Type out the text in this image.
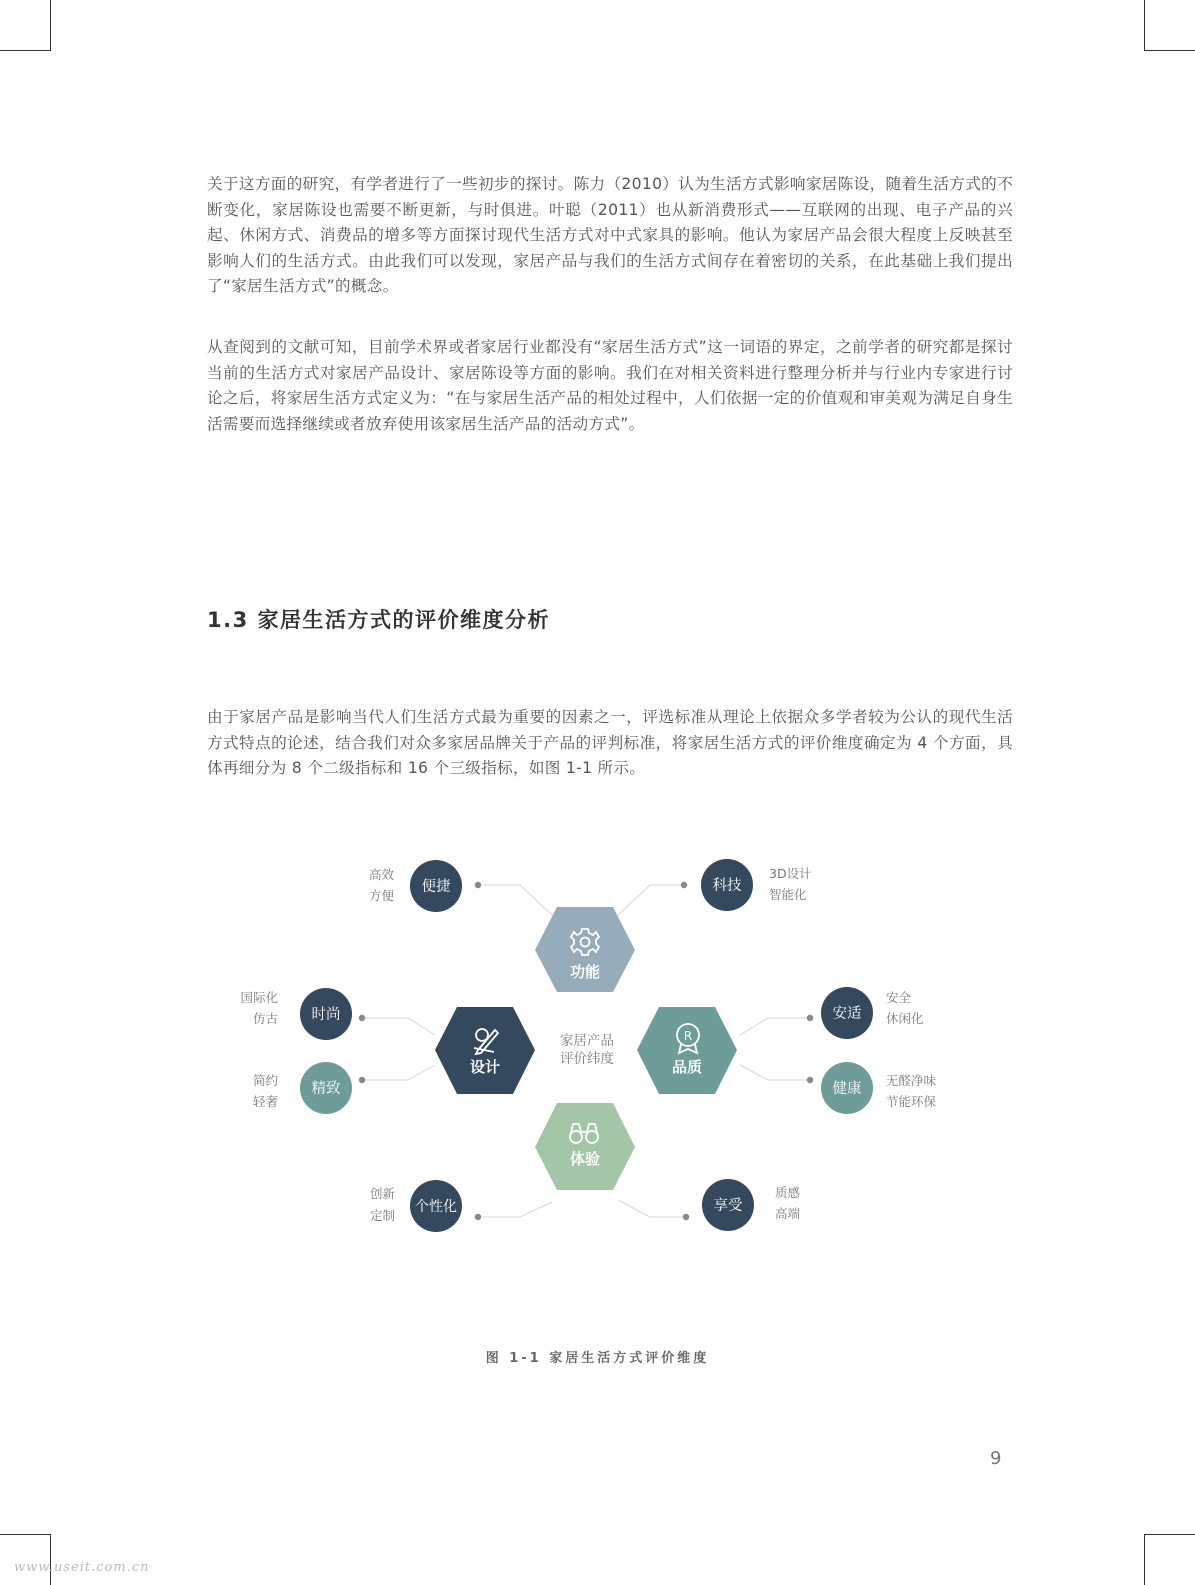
关于这方面的研究，有学者进行了一些初步的探讨。陈力（2010）认为生活方式影响家居陈设，随着生活方式的不断变化，家居陈设也需要不断更新，与时俱进。叶聪（2011）也从新消费形式——互联网的出现、电子产品的兴起、休闲方式、消费品的增多等方面探讨现代生活方式对中式家具的影响。他认为家居产品会很大程度上反映甚至影响人们的生活方式。由此我们可以发现，家居产品与我们的生活方式间存在着密切的关系，在此基础上我们提出了“家居生活方式”的概念。

从查阅到的文献可知，目前学术界或者家居行业都没有“家居生活方式”这一词语的界定，之前学者的研究都是探讨当前的生活方式对家居产品设计、家居陈设等方面的影响。我们在对相关资料进行整理分析并与行业内专家进行讨论之后，将家居生活方式定义为：“在与家居生活产品的相处过程中，人们依据一定的价值观和审美观为满足自身生活需要而选择继续或者放弃使用该家居生活产品的活动方式”。

1.3 家居生活方式的评价维度分析

由于家居产品是影响当代人们生活方式最为重要的因素之一，评选标准从理论上依据众多学者较为公认的现代生活方式特点的论述，结合我们对众多家居品牌关于产品的评判标准，将家居生活方式的评价维度确定为 4 个方面，具体再细分为 8 个二级指标和 16 个三级指标，如图 1-1 所示。

功能
设计
R
品质
体验
家居产品
评价纬度
便捷
高效
方便
科技
3D设计
智能化
时尚
国际化
仿古
精致
简约
轻奢
安适
安全
休闲化
健康
无醛净味
节能环保
个性化
创新
定制
享受
质感
高端
图 1-1 家居生活方式评价维度
9
www.useit.com.cn
